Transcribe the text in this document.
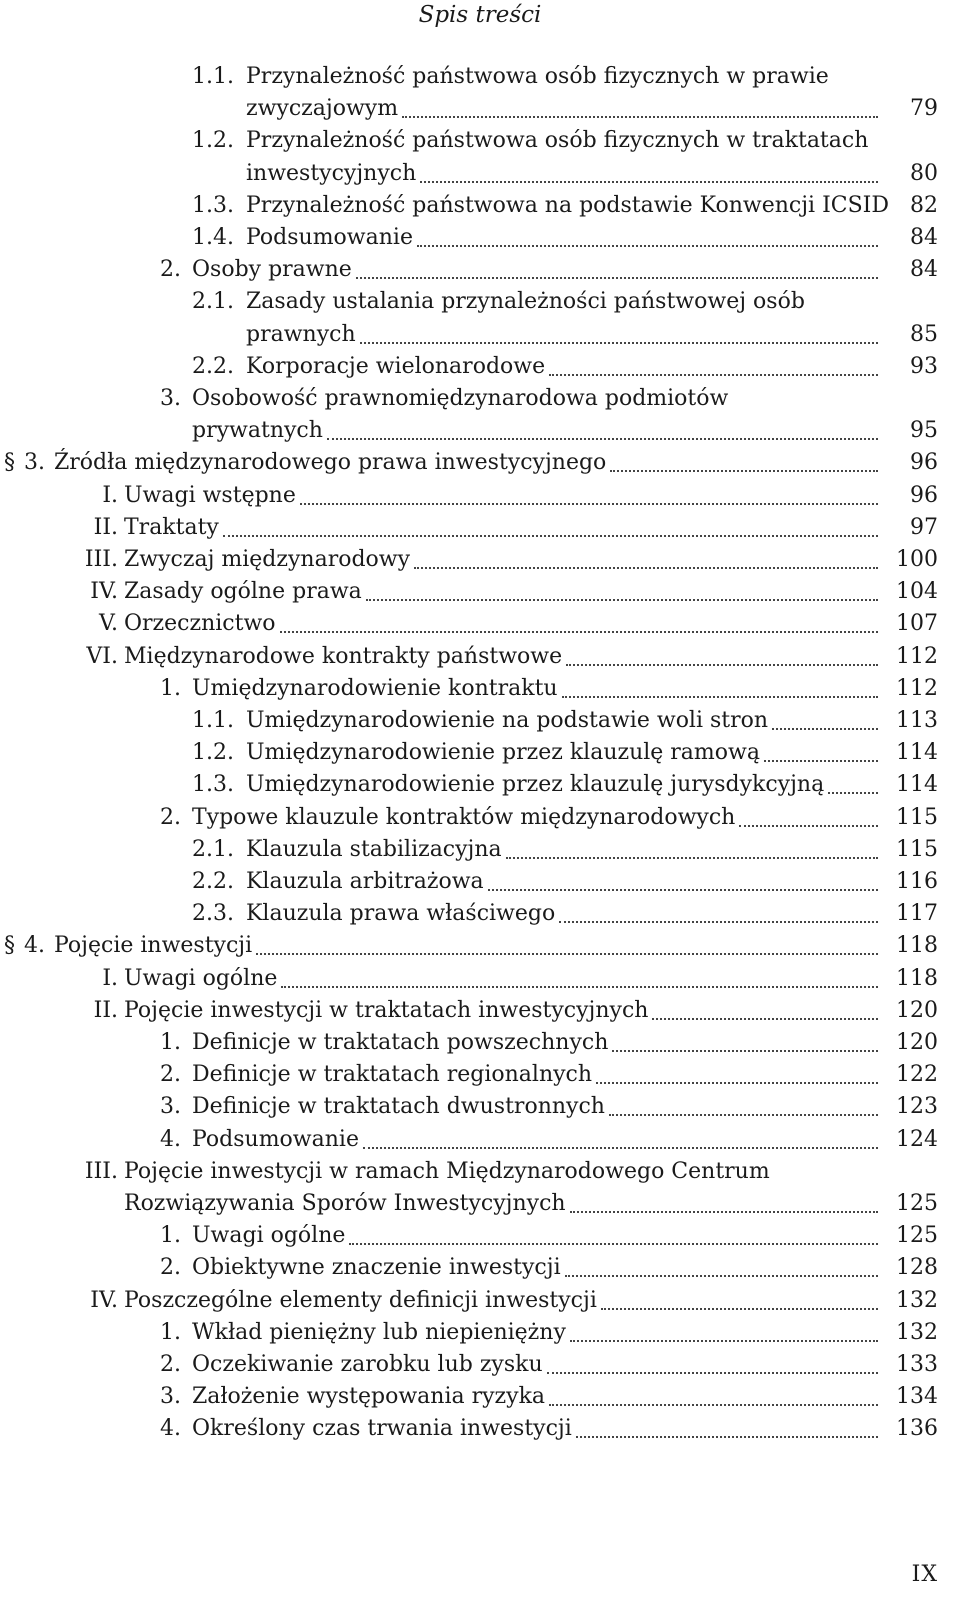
Spis treści
1.1. Przynależność państwowa osób fizycznych w prawie
zwyczajowym	79
1.2. Przynależność państwowa osób fizycznych w traktatach
inwestycyjnych	80
1.3. Przynależność państwowa na podstawie Konwencji ICSID 82
1.4. Podsumowanie	84
2. Osoby prawne	84
2.1. Zasady ustalania przynależności państwowej osób
prawnych	85
2.2. Korporacje wielonarodowe	93
3. Osobowość prawnomiędzynarodowa podmiotów
prywatnych	95
§ 3. Źródła międzynarodowego prawa inwestycyjnego	96
I. Uwagi wstępne	96
II. Traktaty	97
III. Zwyczaj międzynarodowy	100
IV. Zasady ogólne prawa	104
V. Orzecznictwo	107
VI. Międzynarodowe kontrakty państwowe	112
1. Umiędzynarodowienie kontraktu	112
1.1. Umiędzynarodowienie na podstawie woli stron	113
1.2. Umiędzynarodowienie przez klauzulę ramową	114
1.3. Umiędzynarodowienie przez klauzulę jurysdykcyjną	114
2. Typowe klauzule kontraktów międzynarodowych	115
2.1. Klauzula stabilizacyjna	115
2.2. Klauzula arbitrażowa	116
2.3. Klauzula prawa właściwego	117
§ 4. Pojęcie inwestycji	118
I. Uwagi ogólne	118
II. Pojęcie inwestycji w traktatach inwestycyjnych	120
1. Definicje w traktatach powszechnych	120
2. Definicje w traktatach regionalnych	122
3. Definicje w traktatach dwustronnych	123
4. Podsumowanie	124
III. Pojęcie inwestycji w ramach Międzynarodowego Centrum
Rozwiązywania Sporów Inwestycyjnych	125
1. Uwagi ogólne	125
2. Obiektywne znaczenie inwestycji	128
IV. Poszczególne elementy definicji inwestycji	132
1. Wkład pieniężny lub niepieniężny	132
2. Oczekiwanie zarobku lub zysku	133
3. Założenie występowania ryzyka	134
4. Określony czas trwania inwestycji	136
IX
